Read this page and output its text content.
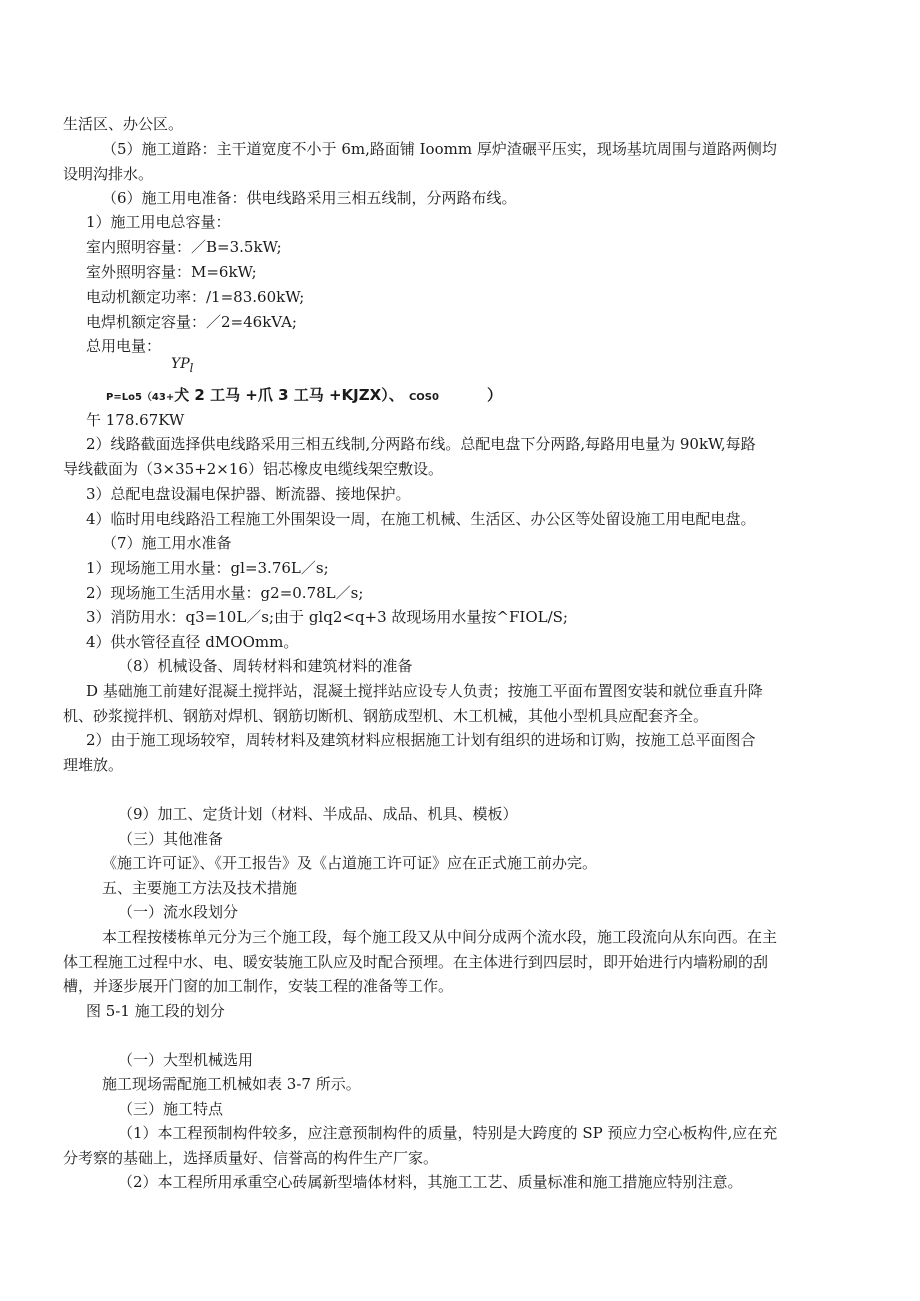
生活区、办公区。
（5）施工道路：主干道宽度不小于 6m,路面铺 Ioomm 厚炉渣碾平压实，现场基坑周围与道路两侧均
设明沟排水。
（6）施工用电准备：供电线路采用三相五线制，分两路布线。
1）施工用电总容量：
室内照明容量：／B=3.5kW;
室外照明容量：M=6kW;
电动机额定功率：/1=83.60kW;
电焊机额定容量：／2=46kVA;
总用电量：
$YP_l$
P=Lo5（43+犬 2 工马 +爪 3 工马 +KJZX）、 COS0	）
午 178.67KW
2）线路截面选择供电线路采用三相五线制,分两路布线。总配电盘下分两路,每路用电量为 90kW,每路
导线截面为（3×35+2×16）铝芯橡皮电缆线架空敷设。
3）总配电盘设漏电保护器、断流器、接地保护。
4）临时用电线路沿工程施工外围架设一周，在施工机械、生活区、办公区等处留设施工用电配电盘。
（7）施工用水准备
1）现场施工用水量：gl=3.76L／s;
2）现场施工生活用水量：g2=0.78L／s;
3）消防用水：q3=10L／s;由于 glq2<q+3 故现场用水量按^FIOL/S;
4）供水管径直径 dMOOmm。
（8）机械设备、周转材料和建筑材料的准备
D 基础施工前建好混凝土搅拌站，混凝土搅拌站应设专人负责；按施工平面布置图安装和就位垂直升降
机、砂浆搅拌机、钢筋对焊机、钢筋切断机、钢筋成型机、木工机械，其他小型机具应配套齐全。
2）由于施工现场较窄，周转材料及建筑材料应根据施工计划有组织的进场和订购，按施工总平面图合
理堆放。
（9）加工、定货计划（材料、半成品、成品、机具、模板）
（三）其他准备
《施工许可证》、《开工报告》及《占道施工许可证》应在正式施工前办完。
五、主要施工方法及技术措施
（一）流水段划分
本工程按楼栋单元分为三个施工段，每个施工段又从中间分成两个流水段，施工段流向从东向西。在主
体工程施工过程中水、电、暖安装施工队应及时配合预埋。在主体进行到四层时，即开始进行内墙粉刷的刮
槽，并逐步展开门窗的加工制作，安装工程的准备等工作。
图 5-1 施工段的划分
（一）大型机械选用
施工现场需配施工机械如表 3-7 所示。
（三）施工特点
（1）本工程预制构件较多，应注意预制构件的质量，特别是大跨度的 SP 预应力空心板构件,应在充
分考察的基础上，选择质量好、信誉高的构件生产厂家。
（2）本工程所用承重空心砖属新型墙体材料，其施工工艺、质量标准和施工措施应特别注意。
